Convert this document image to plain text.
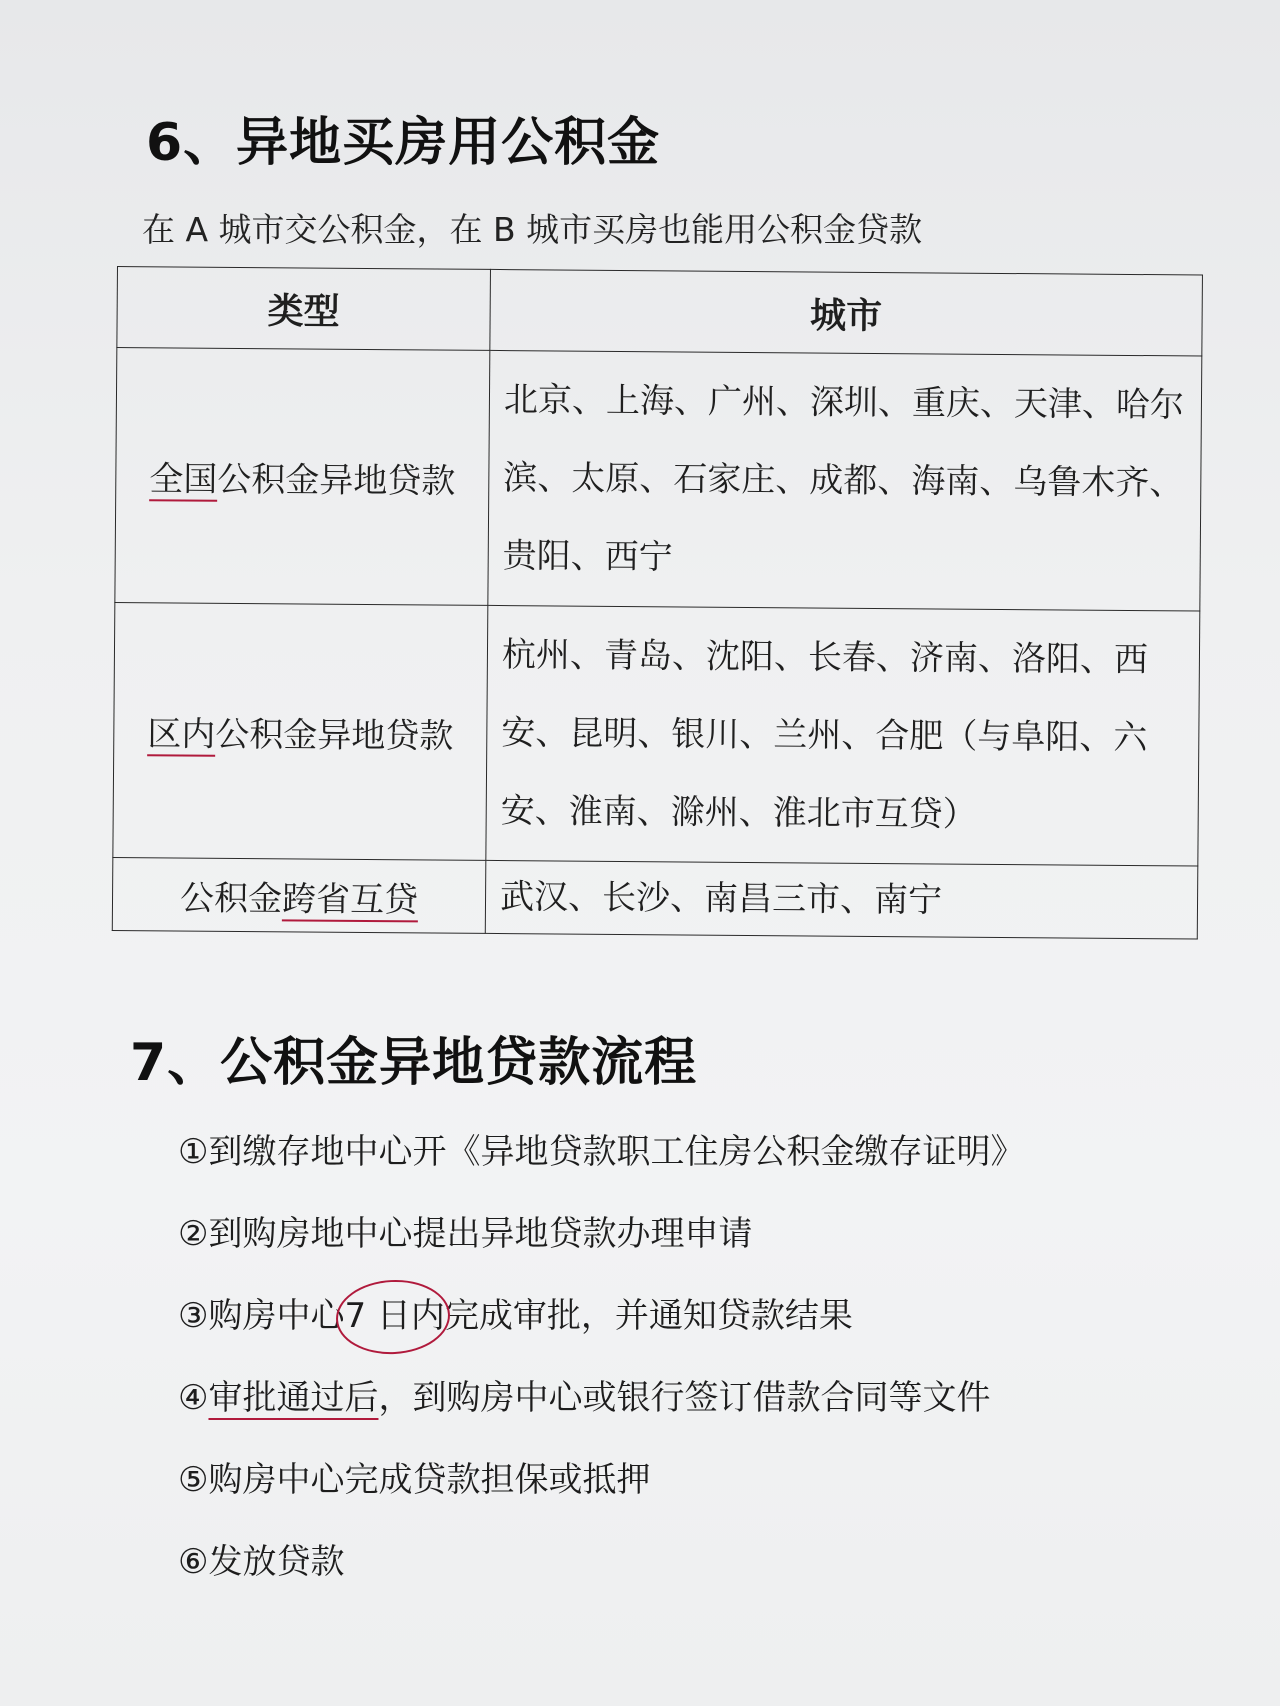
6、异地买房用公积金
在 A 城市交公积金，在 B 城市买房也能用公积金贷款
类型	城市
全国公积金异地贷款	北京、上海、广州、深圳、重庆、天津、哈尔滨、太原、石家庄、成都、海南、乌鲁木齐、贵阳、西宁
区内公积金异地贷款	杭州、青岛、沈阳、长春、济南、洛阳、西安、昆明、银川、兰州、合肥（与阜阳、六安、淮南、滁州、淮北市互贷）
公积金跨省互贷	武汉、长沙、南昌三市、南宁
7、公积金异地贷款流程
①到缴存地中心开《异地贷款职工住房公积金缴存证明》
②到购房地中心提出异地贷款办理申请
③购房中心7 日内完成审批，并通知贷款结果
④审批通过后，到购房中心或银行签订借款合同等文件
⑤购房中心完成贷款担保或抵押
⑥发放贷款
